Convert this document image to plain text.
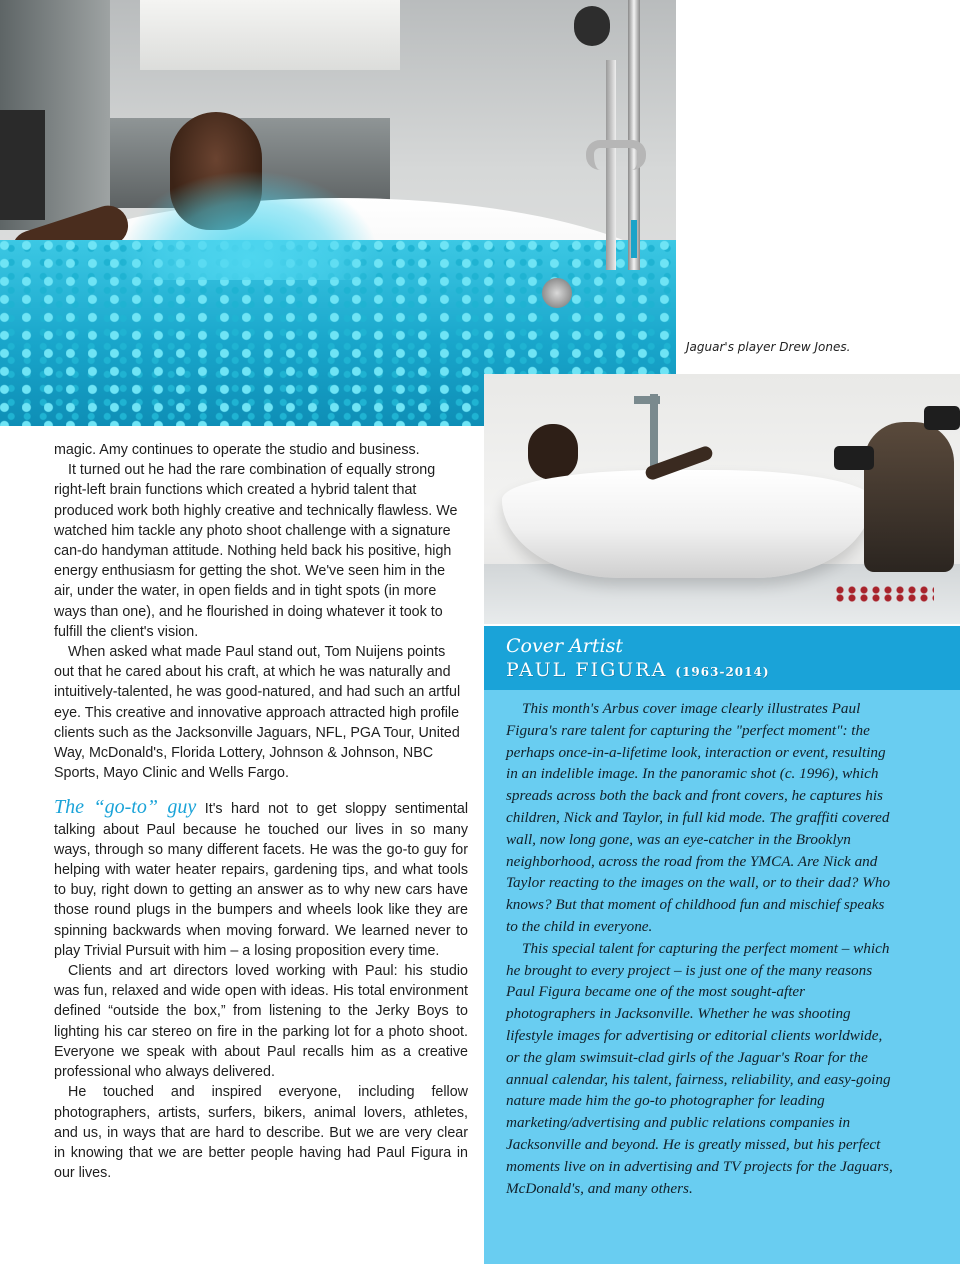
Jaguar's player Drew Jones.
Cover Artist
PAUL FIGURA (1963-2014)

This month's Arbus cover image clearly illustrates Paul Figura's rare talent for capturing the "perfect moment": the perhaps once-in-a-lifetime look, interaction or event, resulting in an indelible image. In the panoramic shot (c. 1996), which spreads across both the back and front covers, he captures his children, Nick and Taylor, in full kid mode. The graffiti covered wall, now long gone, was an eye-catcher in the Brooklyn neighborhood, across the road from the YMCA. Are Nick and Taylor reacting to the images on the wall, or to their dad? Who knows? But that moment of childhood fun and mischief speaks to the child in everyone.

This special talent for capturing the perfect moment – which he brought to every project – is just one of the many reasons Paul Figura became one of the most sought-after photographers in Jacksonville. Whether he was shooting lifestyle images for advertising or editorial clients worldwide, or the glam swimsuit-clad girls of the Jaguar's Roar for the annual calendar, his talent, fairness, reliability, and easy-going nature made him the go-to photographer for leading marketing/advertising and public relations companies in Jacksonville and beyond. He is greatly missed, but his perfect moments live on in advertising and TV projects for the Jaguars, McDonald's, and many others.

magic. Amy continues to operate the studio and business.

It turned out he had the rare combination of equally strong right-left brain functions which created a hybrid talent that produced work both highly creative and technically flawless. We watched him tackle any photo shoot challenge with a signature can-do handyman attitude. Nothing held back his positive, high energy enthusiasm for getting the shot. We've seen him in the air, under the water, in open fields and in tight spots (in more ways than one), and he flourished in doing whatever it took to fulfill the client's vision.

When asked what made Paul stand out, Tom Nuijens points out that he cared about his craft, at which he was naturally and intuitively-talented, he was good-natured, and had such an artful eye. This creative and innovative approach attracted high profile clients such as the Jacksonville Jaguars, NFL, PGA Tour, United Way, McDonald's, Florida Lottery, Johnson & Johnson, NBC Sports, Mayo Clinic and Wells Fargo.

The “go-to” guy It's hard not to get sloppy sentimental talking about Paul because he touched our lives in so many ways, through so many different facets. He was the go-to guy for helping with water heater repairs, gardening tips, and what tools to buy, right down to getting an answer as to why new cars have those round plugs in the bumpers and wheels look like they are spinning backwards when moving forward. We learned never to play Trivial Pursuit with him – a losing proposition every time.

Clients and art directors loved working with Paul: his studio was fun, relaxed and wide open with ideas. His total environment defined “outside the box,” from listening to the Jerky Boys to lighting his car stereo on fire in the parking lot for a photo shoot. Everyone we speak with about Paul recalls him as a creative professional who always delivered.

He touched and inspired everyone, including fellow photographers, artists, surfers, bikers, animal lovers, athletes, and us, in ways that are hard to describe. But we are very clear in knowing that we are better people having had Paul Figura in our lives.
